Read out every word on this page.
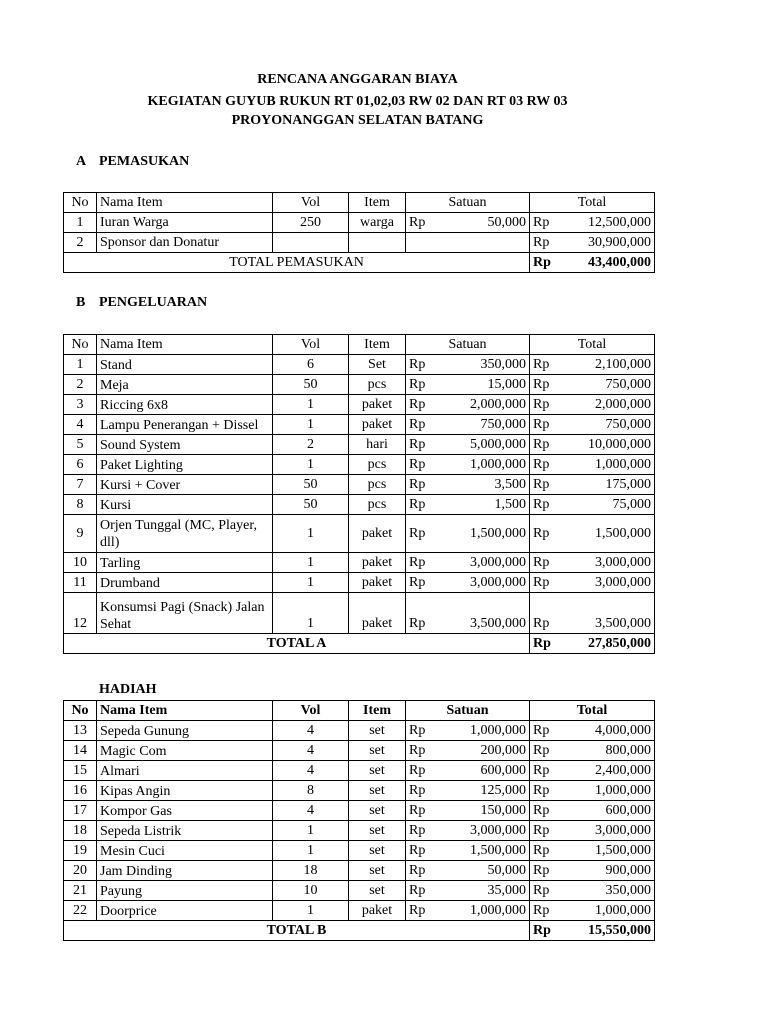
RENCANA ANGGARAN BIAYA
KEGIATAN GUYUB RUKUN RT 01,02,03 RW 02 DAN RT 03 RW 03
PROYONANGGAN SELATAN BATANG
A PEMASUKAN
No	Nama Item	Vol	Item	Satuan		Total	
1	Iuran Warga	250	warga	Rp	50,000	Rp	12,500,000
2	Sponsor dan Donatur					Rp	30,900,000
TOTAL PEMASUKAN						Rp	43,400,000
B PENGELUARAN
No	Nama Item	Vol	Item	Satuan		Total	
1	Stand	6	Set	Rp	350,000	Rp	2,100,000
2	Meja	50	pcs	Rp	15,000	Rp	750,000
3	Riccing 6x8	1	paket	Rp	2,000,000	Rp	2,000,000
4	Lampu Penerangan + Dissel	1	paket	Rp	750,000	Rp	750,000
5	Sound System	2	hari	Rp	5,000,000	Rp	10,000,000
6	Paket Lighting	1	pcs	Rp	1,000,000	Rp	1,000,000
7	Kursi + Cover	50	pcs	Rp	3,500	Rp	175,000
8	Kursi	50	pcs	Rp	1,500	Rp	75,000
9	Orjen Tunggal (MC, Player, dll)	1	paket	Rp	1,500,000	Rp	1,500,000
10	Tarling	1	paket	Rp	3,000,000	Rp	3,000,000
11	Drumband	1	paket	Rp	3,000,000	Rp	3,000,000
12	Konsumsi Pagi (Snack) Jalan Sehat	1	paket	Rp	3,500,000	Rp	3,500,000
TOTAL A						Rp	27,850,000
HADIAH
No	Nama Item	Vol	Item	Satuan		Total	
13	Sepeda Gunung	4	set	Rp	1,000,000	Rp	4,000,000
14	Magic Com	4	set	Rp	200,000	Rp	800,000
15	Almari	4	set	Rp	600,000	Rp	2,400,000
16	Kipas Angin	8	set	Rp	125,000	Rp	1,000,000
17	Kompor Gas	4	set	Rp	150,000	Rp	600,000
18	Sepeda Listrik	1	set	Rp	3,000,000	Rp	3,000,000
19	Mesin Cuci	1	set	Rp	1,500,000	Rp	1,500,000
20	Jam Dinding	18	set	Rp	50,000	Rp	900,000
21	Payung	10	set	Rp	35,000	Rp	350,000
22	Doorprice	1	paket	Rp	1,000,000	Rp	1,000,000
TOTAL B						Rp	15,550,000
